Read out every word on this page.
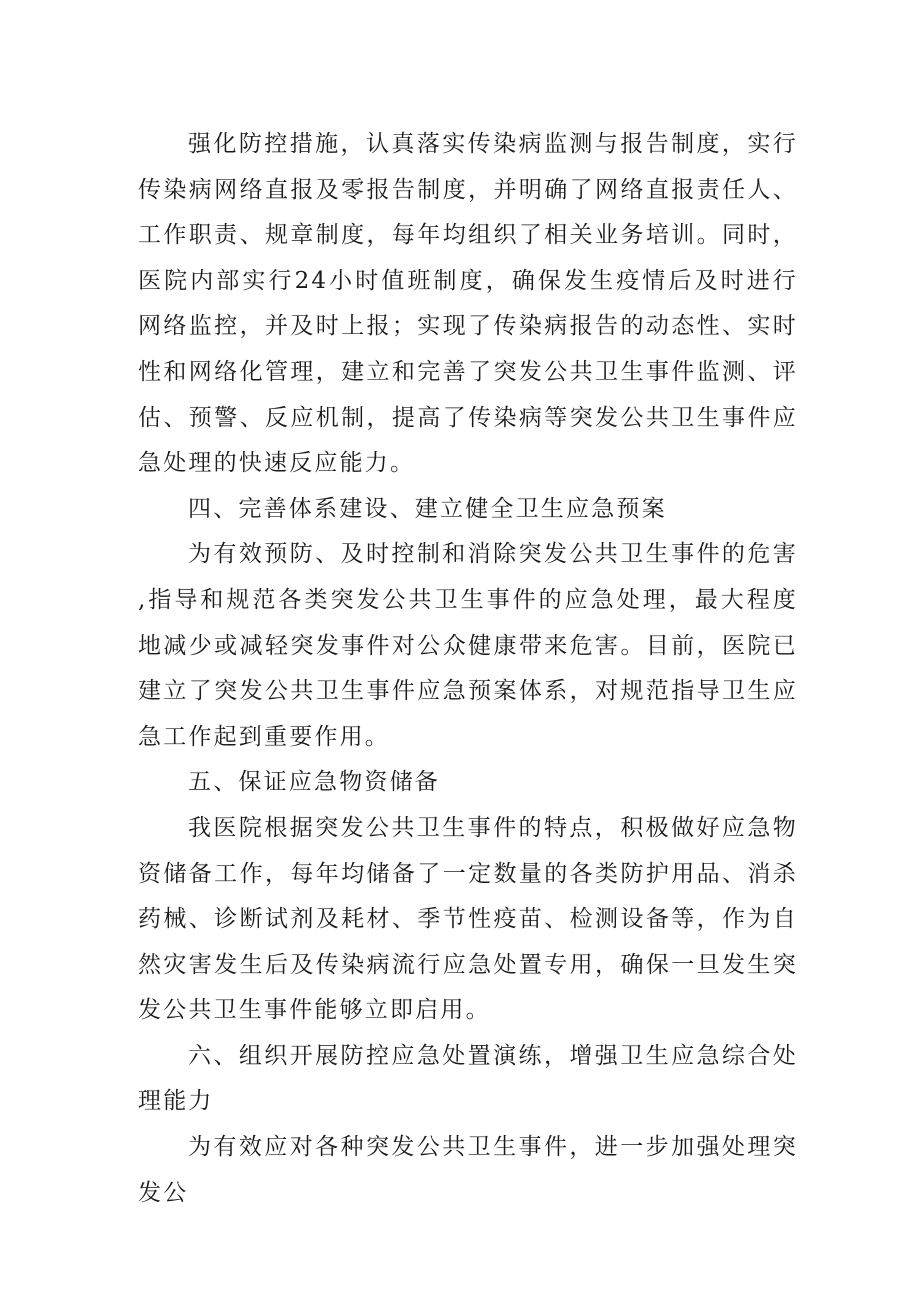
强化防控措施，认真落实传染病监测与报告制度，实行传染病网络直报及零报告制度，并明确了网络直报责任人、工作职责、规章制度，每年均组织了相关业务培训。同时，医院内部实行24小时值班制度，确保发生疫情后及时进行网络监控，并及时上报；实现了传染病报告的动态性、实时性和网络化管理，建立和完善了突发公共卫生事件监测、评估、预警、反应机制，提高了传染病等突发公共卫生事件应急处理的快速反应能力。

四、完善体系建设、建立健全卫生应急预案

为有效预防、及时控制和消除突发公共卫生事件的危害,指导和规范各类突发公共卫生事件的应急处理，最大程度地减少或减轻突发事件对公众健康带来危害。目前，医院已建立了突发公共卫生事件应急预案体系，对规范指导卫生应急工作起到重要作用。

五、保证应急物资储备

我医院根据突发公共卫生事件的特点，积极做好应急物资储备工作，每年均储备了一定数量的各类防护用品、消杀药械、诊断试剂及耗材、季节性疫苗、检测设备等，作为自然灾害发生后及传染病流行应急处置专用，确保一旦发生突发公共卫生事件能够立即启用。

六、组织开展防控应急处置演练，增强卫生应急综合处理能力

为有效应对各种突发公共卫生事件，进一步加强处理突发公
